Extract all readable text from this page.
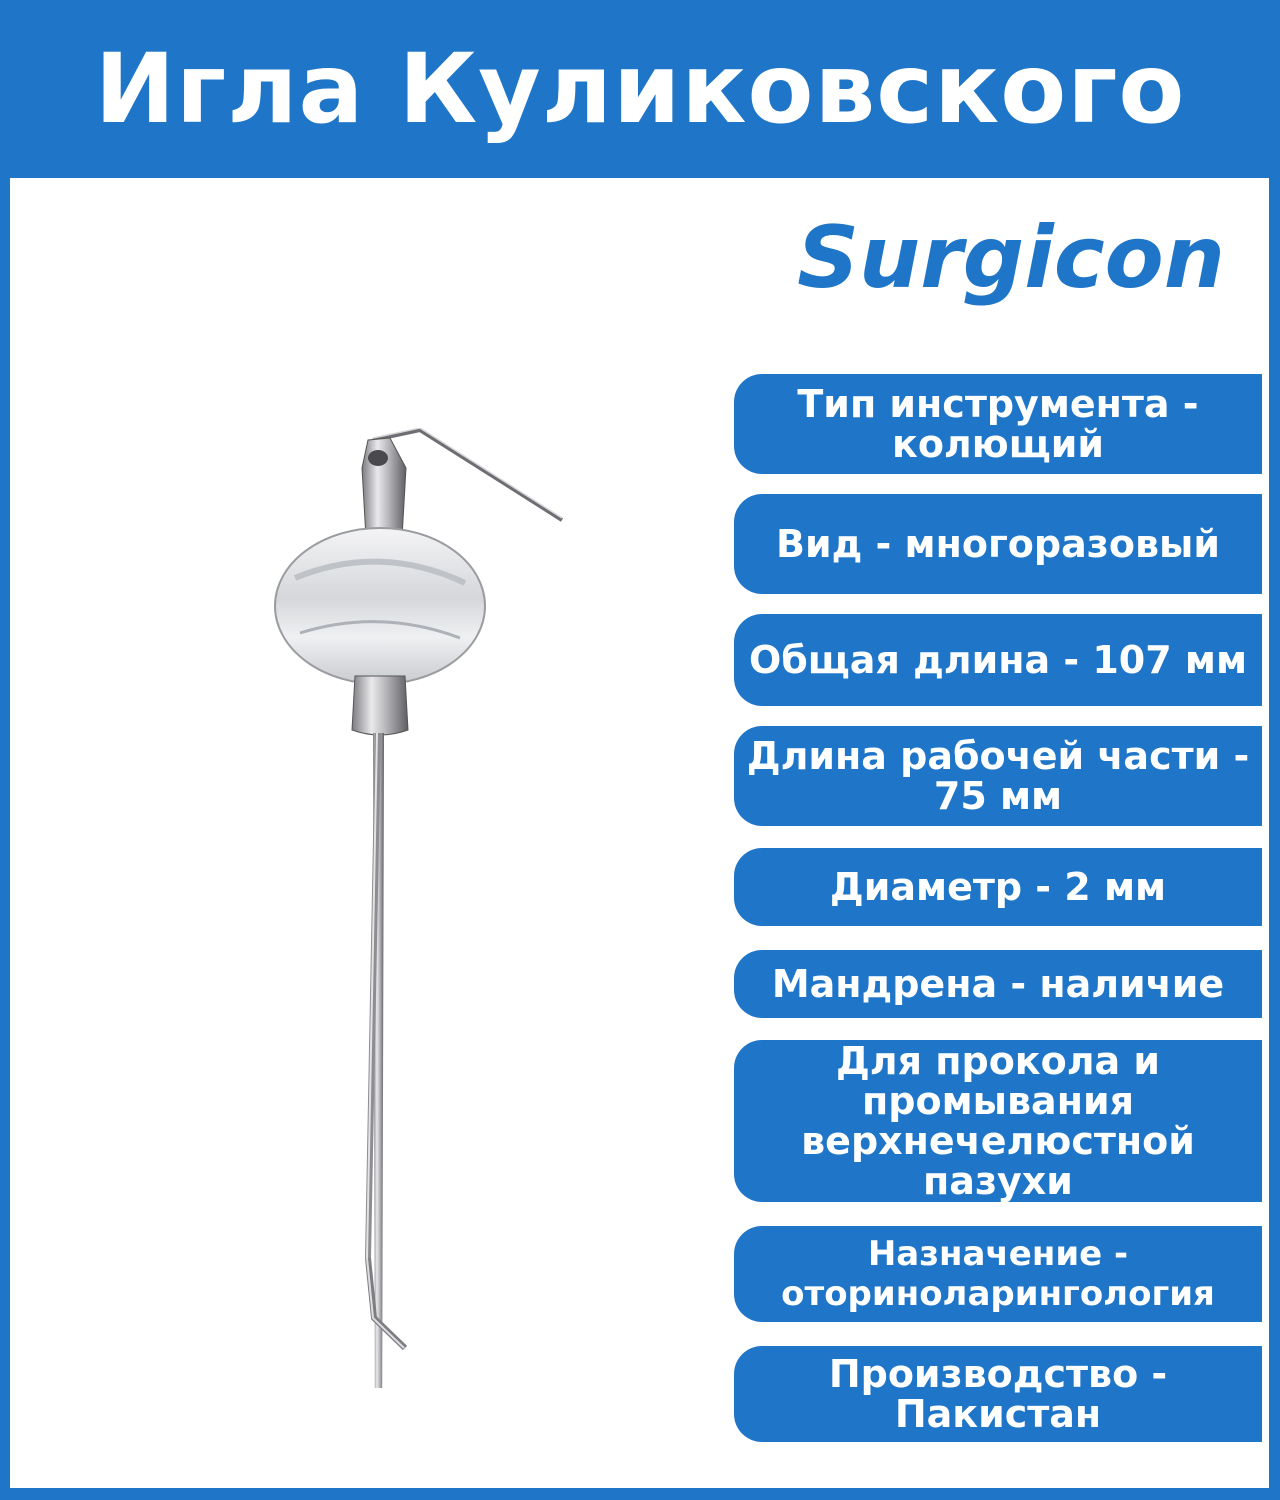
Игла Куликовского
Surgicon
Тип инструмента - колющий
Вид - многоразовый
Общая длина - 107 мм
Длина рабочей части - 75 мм
Диаметр - 2 мм
Мандрена - наличие
Для прокола и промывания верхнечелюстной пазухи
Назначение - оториноларингология
Производство - Пакистан
